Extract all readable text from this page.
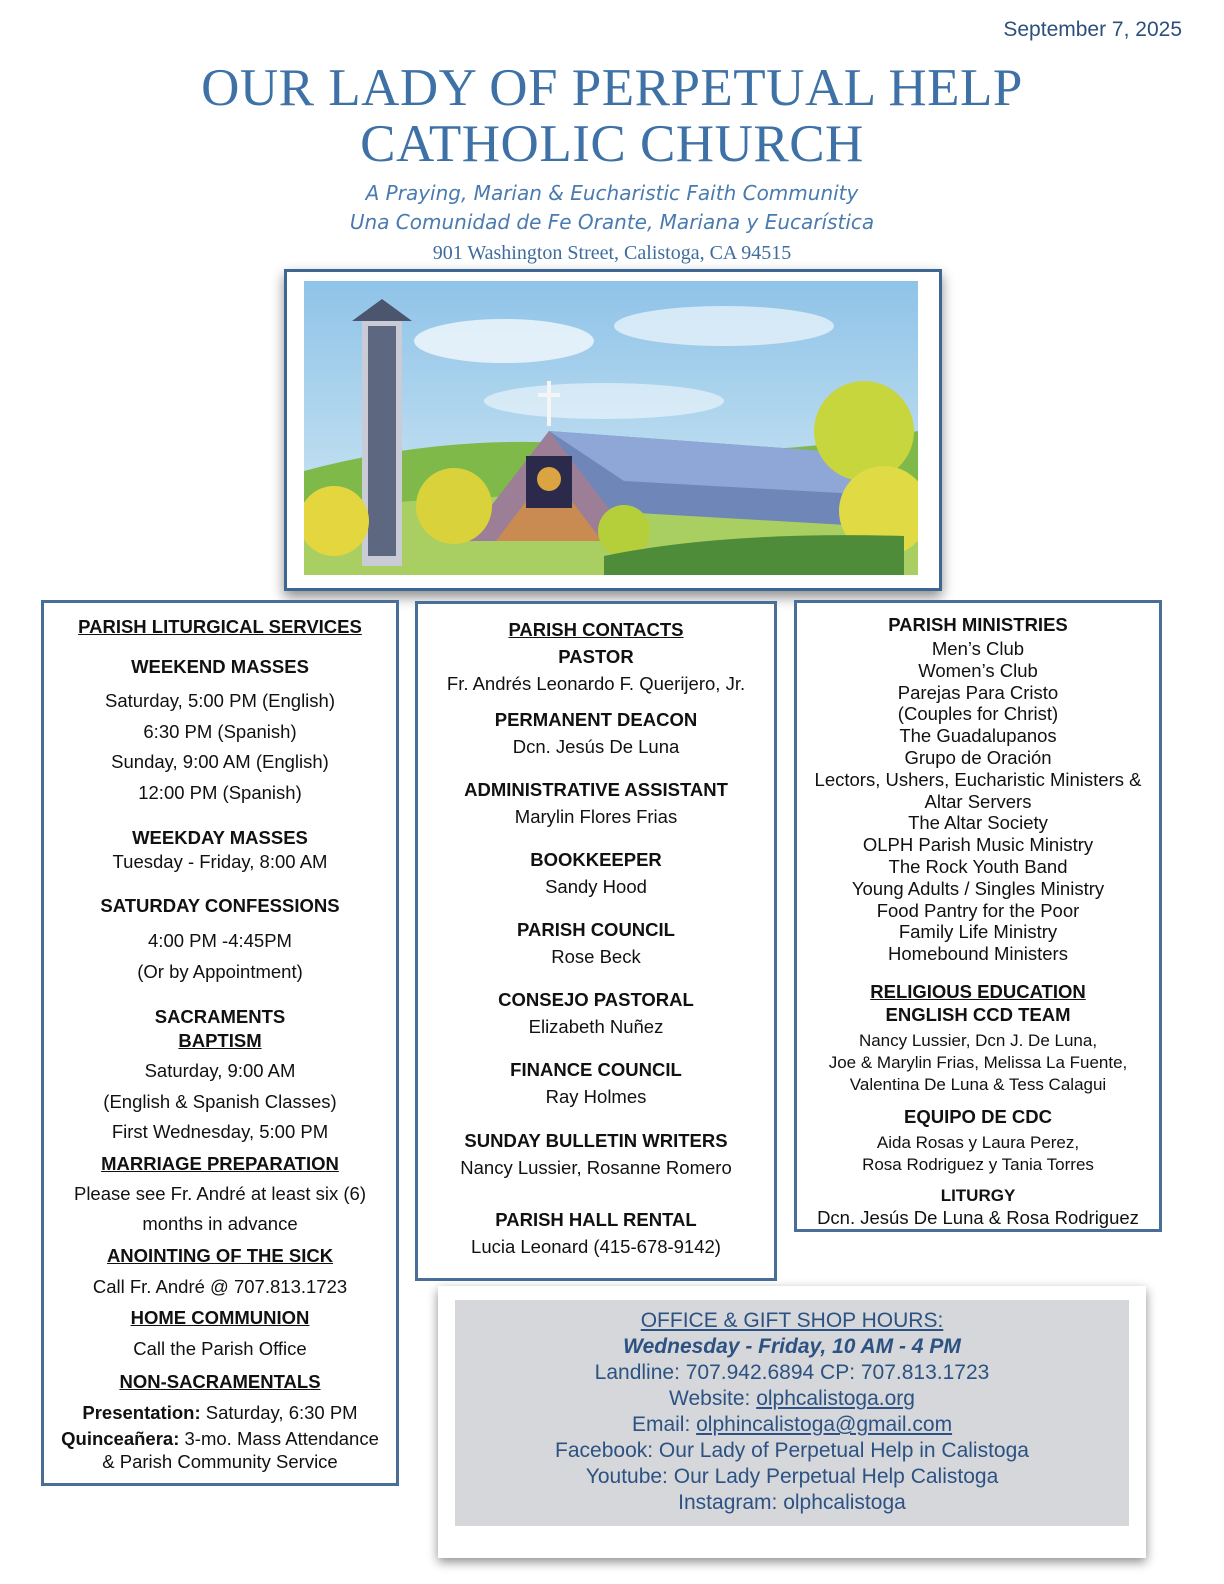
September 7, 2025
OUR LADY OF PERPETUAL HELP
CATHOLIC CHURCH
A Praying, Marian & Eucharistic Faith Community
Una Comunidad de Fe Orante, Mariana y Eucarística
901 Washington Street, Calistoga, CA 94515
PARISH LITURGICAL SERVICES
WEEKEND MASSES
Saturday, 5:00 PM (English)
6:30 PM (Spanish)
Sunday, 9:00 AM (English)
12:00 PM (Spanish)
WEEKDAY MASSES
Tuesday - Friday, 8:00 AM
SATURDAY CONFESSIONS
4:00 PM -4:45PM
(Or by Appointment)
SACRAMENTS
BAPTISM
Saturday, 9:00 AM
(English & Spanish Classes)
First Wednesday, 5:00 PM
MARRIAGE PREPARATION
Please see Fr. André at least six (6)
months in advance
ANOINTING OF THE SICK
Call Fr. André @ 707.813.1723
HOME COMMUNION
Call the Parish Office
NON-SACRAMENTALS
Presentation: Saturday, 6:30 PM
Quinceañera: 3-mo. Mass Attendance
& Parish Community Service
PARISH CONTACTS
PASTOR
Fr. Andrés Leonardo F. Querijero, Jr.
PERMANENT DEACON
Dcn. Jesús De Luna
ADMINISTRATIVE ASSISTANT
Marylin Flores Frias
BOOKKEEPER
Sandy Hood
PARISH COUNCIL
Rose Beck
CONSEJO PASTORAL
Elizabeth Nuñez
FINANCE COUNCIL
Ray Holmes
SUNDAY BULLETIN WRITERS
Nancy Lussier, Rosanne Romero
PARISH HALL RENTAL
Lucia Leonard (415-678-9142)
PARISH MINISTRIES
Men’s Club
Women’s Club
Parejas Para Cristo
(Couples for Christ)
The Guadalupanos
Grupo de Oración
Lectors, Ushers, Eucharistic Ministers &
Altar Servers
The Altar Society
OLPH Parish Music Ministry
The Rock Youth Band
Young Adults / Singles Ministry
Food Pantry for the Poor
Family Life Ministry
Homebound Ministers
RELIGIOUS EDUCATION
ENGLISH CCD TEAM
Nancy Lussier, Dcn J. De Luna,
Joe & Marylin Frias, Melissa La Fuente,
Valentina De Luna & Tess Calagui
EQUIPO DE CDC
Aida Rosas y Laura Perez,
Rosa Rodriguez y Tania Torres
LITURGY
Dcn. Jesús De Luna & Rosa Rodriguez
OFFICE & GIFT SHOP HOURS:
Wednesday - Friday, 10 AM - 4 PM
Landline: 707.942.6894 CP: 707.813.1723
Website: olphcalistoga.org
Email: olphincalistoga@gmail.com
Facebook: Our Lady of Perpetual Help in Calistoga
Youtube: Our Lady Perpetual Help Calistoga
Instagram: olphcalistoga
